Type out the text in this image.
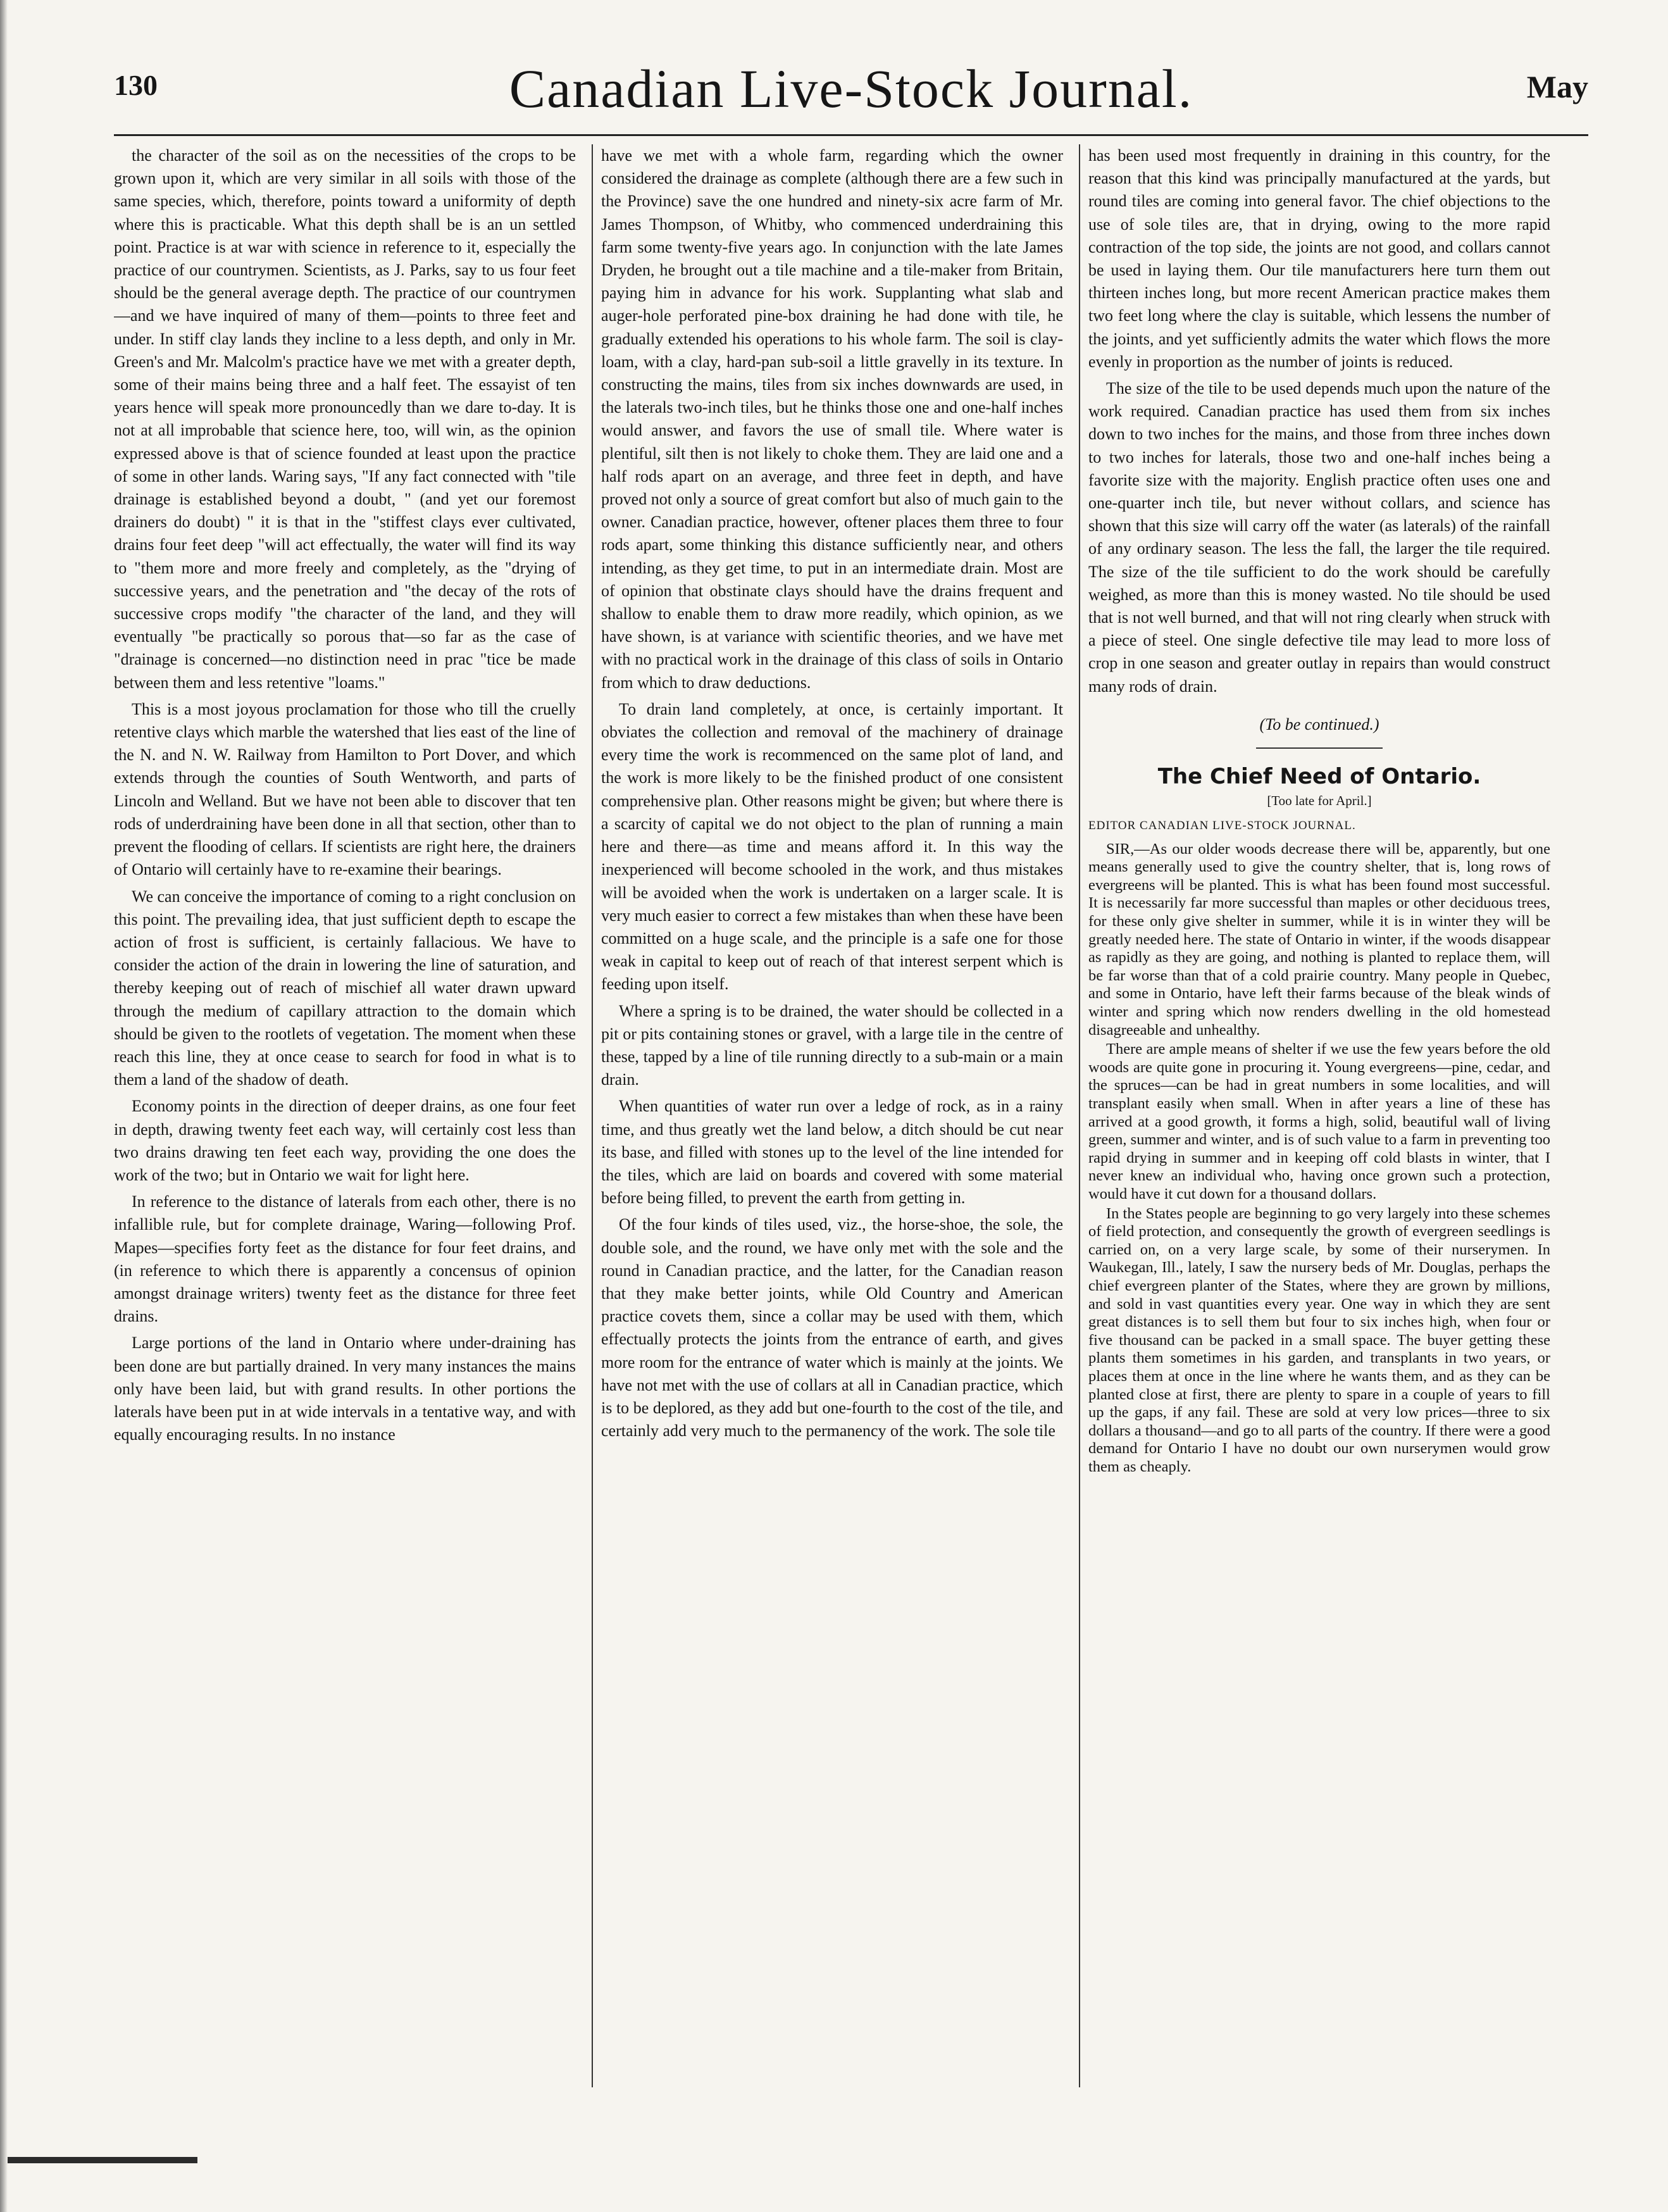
130	Canadian Live-Stock Journal.	May

the character of the soil as on the necessities of the crops to be grown upon it, which are very similar in all soils with those of the same species, which, therefore, points toward a uniformity of depth where this is practicable. What this depth shall be is an un settled point. Practice is at war with science in reference to it, especially the practice of our countrymen. Scientists, as J. Parks, say to us four feet should be the general average depth. The practice of our countrymen—and we have inquired of many of them—points to three feet and under. In stiff clay lands they incline to a less depth, and only in Mr. Green's and Mr. Malcolm's practice have we met with a greater depth, some of their mains being three and a half feet. The essayist of ten years hence will speak more pronouncedly than we dare to-day. It is not at all improbable that science here, too, will win, as the opinion expressed above is that of science founded at least upon the practice of some in other lands. Waring says, "If any fact connected with "tile drainage is established beyond a doubt, " (and yet our foremost drainers do doubt) " it is that in the "stiffest clays ever cultivated, drains four feet deep "will act effectually, the water will find its way to "them more and more freely and completely, as the "drying of successive years, and the penetration and "the decay of the rots of successive crops modify "the character of the land, and they will eventually "be practically so porous that—so far as the case of "drainage is concerned—no distinction need in prac "tice be made between them and less retentive "loams."

This is a most joyous proclamation for those who till the cruelly retentive clays which marble the watershed that lies east of the line of the N. and N. W. Railway from Hamilton to Port Dover, and which extends through the counties of South Wentworth, and parts of Lincoln and Welland. But we have not been able to discover that ten rods of underdraining have been done in all that section, other than to prevent the flooding of cellars. If scientists are right here, the drainers of Ontario will certainly have to re-examine their bearings.

We can conceive the importance of coming to a right conclusion on this point. The prevailing idea, that just sufficient depth to escape the action of frost is sufficient, is certainly fallacious. We have to consider the action of the drain in lowering the line of saturation, and thereby keeping out of reach of mischief all water drawn upward through the medium of capillary attraction to the domain which should be given to the rootlets of vegetation. The moment when these reach this line, they at once cease to search for food in what is to them a land of the shadow of death.

Economy points in the direction of deeper drains, as one four feet in depth, drawing twenty feet each way, will certainly cost less than two drains drawing ten feet each way, providing the one does the work of the two; but in Ontario we wait for light here.

In reference to the distance of laterals from each other, there is no infallible rule, but for complete drainage, Waring—following Prof. Mapes—specifies forty feet as the distance for four feet drains, and (in reference to which there is apparently a concensus of opinion amongst drainage writers) twenty feet as the distance for three feet drains.

Large portions of the land in Ontario where under-draining has been done are but partially drained. In very many instances the mains only have been laid, but with grand results. In other portions the laterals have been put in at wide intervals in a tentative way, and with equally encouraging results. In no instance

have we met with a whole farm, regarding which the owner considered the drainage as complete (although there are a few such in the Province) save the one hundred and ninety-six acre farm of Mr. James Thompson, of Whitby, who commenced underdraining this farm some twenty-five years ago. In conjunction with the late James Dryden, he brought out a tile machine and a tile-maker from Britain, paying him in advance for his work. Supplanting what slab and auger-hole perforated pine-box draining he had done with tile, he gradually extended his operations to his whole farm. The soil is clay-loam, with a clay, hard-pan sub-soil a little gravelly in its texture. In constructing the mains, tiles from six inches downwards are used, in the laterals two-inch tiles, but he thinks those one and one-half inches would answer, and favors the use of small tile. Where water is plentiful, silt then is not likely to choke them. They are laid one and a half rods apart on an average, and three feet in depth, and have proved not only a source of great comfort but also of much gain to the owner. Canadian practice, however, oftener places them three to four rods apart, some thinking this distance sufficiently near, and others intending, as they get time, to put in an intermediate drain. Most are of opinion that obstinate clays should have the drains frequent and shallow to enable them to draw more readily, which opinion, as we have shown, is at variance with scientific theories, and we have met with no practical work in the drainage of this class of soils in Ontario from which to draw deductions.

To drain land completely, at once, is certainly important. It obviates the collection and removal of the machinery of drainage every time the work is recommenced on the same plot of land, and the work is more likely to be the finished product of one consistent comprehensive plan. Other reasons might be given; but where there is a scarcity of capital we do not object to the plan of running a main here and there—as time and means afford it. In this way the inexperienced will become schooled in the work, and thus mistakes will be avoided when the work is undertaken on a larger scale. It is very much easier to correct a few mistakes than when these have been committed on a huge scale, and the principle is a safe one for those weak in capital to keep out of reach of that interest serpent which is feeding upon itself.

Where a spring is to be drained, the water should be collected in a pit or pits containing stones or gravel, with a large tile in the centre of these, tapped by a line of tile running directly to a sub-main or a main drain.

When quantities of water run over a ledge of rock, as in a rainy time, and thus greatly wet the land below, a ditch should be cut near its base, and filled with stones up to the level of the line intended for the tiles, which are laid on boards and covered with some material before being filled, to prevent the earth from getting in.

Of the four kinds of tiles used, viz., the horse-shoe, the sole, the double sole, and the round, we have only met with the sole and the round in Canadian practice, and the latter, for the Canadian reason that they make better joints, while Old Country and American practice covets them, since a collar may be used with them, which effectually protects the joints from the entrance of earth, and gives more room for the entrance of water which is mainly at the joints. We have not met with the use of collars at all in Canadian practice, which is to be deplored, as they add but one-fourth to the cost of the tile, and certainly add very much to the permanency of the work. The sole tile

has been used most frequently in draining in this country, for the reason that this kind was principally manufactured at the yards, but round tiles are coming into general favor. The chief objections to the use of sole tiles are, that in drying, owing to the more rapid contraction of the top side, the joints are not good, and collars cannot be used in laying them. Our tile manufacturers here turn them out thirteen inches long, but more recent American practice makes them two feet long where the clay is suitable, which lessens the number of the joints, and yet sufficiently admits the water which flows the more evenly in proportion as the number of joints is reduced.

The size of the tile to be used depends much upon the nature of the work required. Canadian practice has used them from six inches down to two inches for the mains, and those from three inches down to two inches for laterals, those two and one-half inches being a favorite size with the majority. English practice often uses one and one-quarter inch tile, but never without collars, and science has shown that this size will carry off the water (as laterals) of the rainfall of any ordinary season. The less the fall, the larger the tile required. The size of the tile sufficient to do the work should be carefully weighed, as more than this is money wasted. No tile should be used that is not well burned, and that will not ring clearly when struck with a piece of steel. One single defective tile may lead to more loss of crop in one season and greater outlay in repairs than would construct many rods of drain.

(To be continued.)
The Chief Need of Ontario.
[Too late for April.]
EDITOR CANADIAN LIVE-STOCK JOURNAL.

SIR,—As our older woods decrease there will be, apparently, but one means generally used to give the country shelter, that is, long rows of evergreens will be planted. This is what has been found most successful. It is necessarily far more successful than maples or other deciduous trees, for these only give shelter in summer, while it is in winter they will be greatly needed here. The state of Ontario in winter, if the woods disappear as rapidly as they are going, and nothing is planted to replace them, will be far worse than that of a cold prairie country. Many people in Quebec, and some in Ontario, have left their farms because of the bleak winds of winter and spring which now renders dwelling in the old homestead disagreeable and unhealthy.

There are ample means of shelter if we use the few years before the old woods are quite gone in procuring it. Young evergreens—pine, cedar, and the spruces—can be had in great numbers in some localities, and will transplant easily when small. When in after years a line of these has arrived at a good growth, it forms a high, solid, beautiful wall of living green, summer and winter, and is of such value to a farm in preventing too rapid drying in summer and in keeping off cold blasts in winter, that I never knew an individual who, having once grown such a protection, would have it cut down for a thousand dollars.

In the States people are beginning to go very largely into these schemes of field protection, and consequently the growth of evergreen seedlings is carried on, on a very large scale, by some of their nurserymen. In Waukegan, Ill., lately, I saw the nursery beds of Mr. Douglas, perhaps the chief evergreen planter of the States, where they are grown by millions, and sold in vast quantities every year. One way in which they are sent great distances is to sell them but four to six inches high, when four or five thousand can be packed in a small space. The buyer getting these plants them sometimes in his garden, and transplants in two years, or places them at once in the line where he wants them, and as they can be planted close at first, there are plenty to spare in a couple of years to fill up the gaps, if any fail. These are sold at very low prices—three to six dollars a thousand—and go to all parts of the country. If there were a good demand for Ontario I have no doubt our own nurserymen would grow them as cheaply.
